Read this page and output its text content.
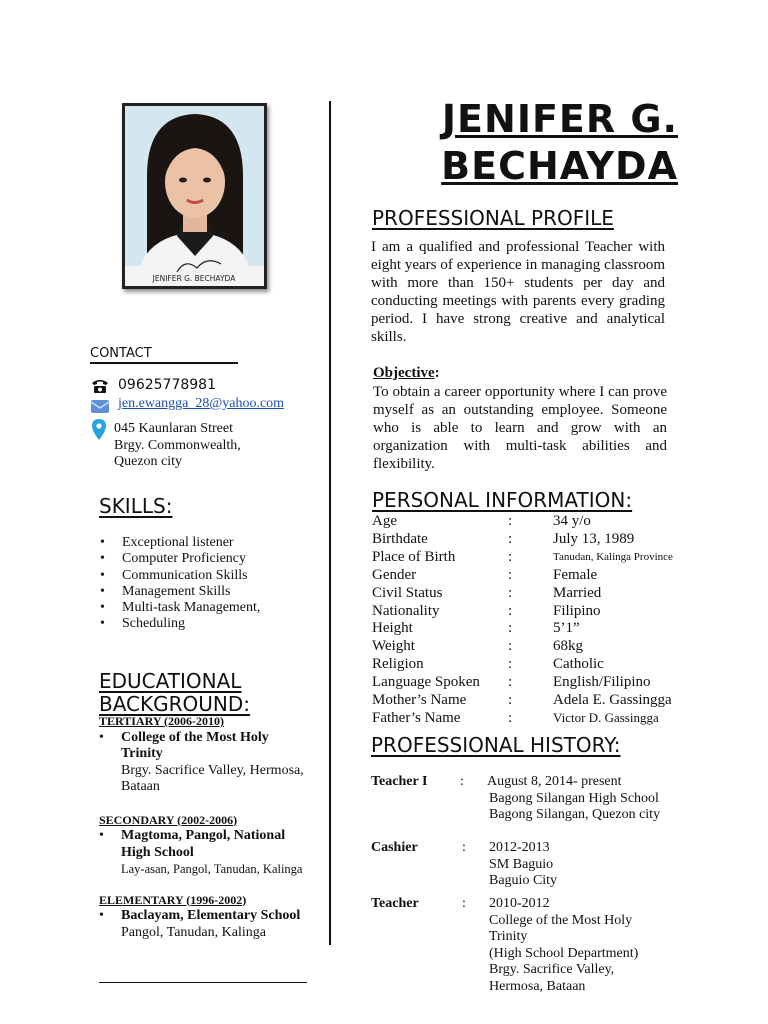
JENIFER G. BECHAYDA
CONTACT
09625778981
jen.ewangga_28@yahoo.com
045 Kaunlaran Street
Brgy. Commonwealth,
Quezon city
SKILLS:
• Exceptional listener
• Computer Proficiency
• Communication Skills
• Management Skills
• Multi-task Management,
• Scheduling
EDUCATIONAL
BACKGROUND:
TERTIARY (2006-2010)
• College of the Most Holy
Trinity
Brgy. Sacrifice Valley, Hermosa,
Bataan
SECONDARY (2002-2006)
• Magtoma, Pangol, National
High School
Lay-asan, Pangol, Tanudan, Kalinga
ELEMENTARY (1996-2002)
• Baclayam, Elementary School
Pangol, Tanudan, Kalinga
JENIFER G.
BECHAYDA
PROFESSIONAL PROFILE
I am a qualified and professional Teacher with eight years of experience in managing classroom with more than 150+ students per day and conducting meetings with parents every grading period. I have strong creative and analytical skills.
Objective:
To obtain a career opportunity where I can prove myself as an outstanding employee. Someone who is able to learn and grow with an organization with multi-task abilities and flexibility.
PERSONAL INFORMATION:
Age	:	34 y/o
Birthdate	:	July 13, 1989
Place of Birth	:	Tanudan, Kalinga Province
Gender	:	Female
Civil Status	:	Married
Nationality	:	Filipino
Height	:	5’1”
Weight	:	68kg
Religion	:	Catholic
Language Spoken :	English/Filipino
Mother’s Name	:	Adela E. Gassingga
Father’s Name	:	Victor D. Gassingga
PROFESSIONAL HISTORY:
Teacher I : August 8, 2014- present
Bagong Silangan High School
Bagong Silangan, Quezon city
Cashier	: 2012-2013
SM Baguio
Baguio City
Teacher	: 2010-2012
College of the Most Holy
Trinity
(High School Department)
Brgy. Sacrifice Valley,
Hermosa, Bataan
